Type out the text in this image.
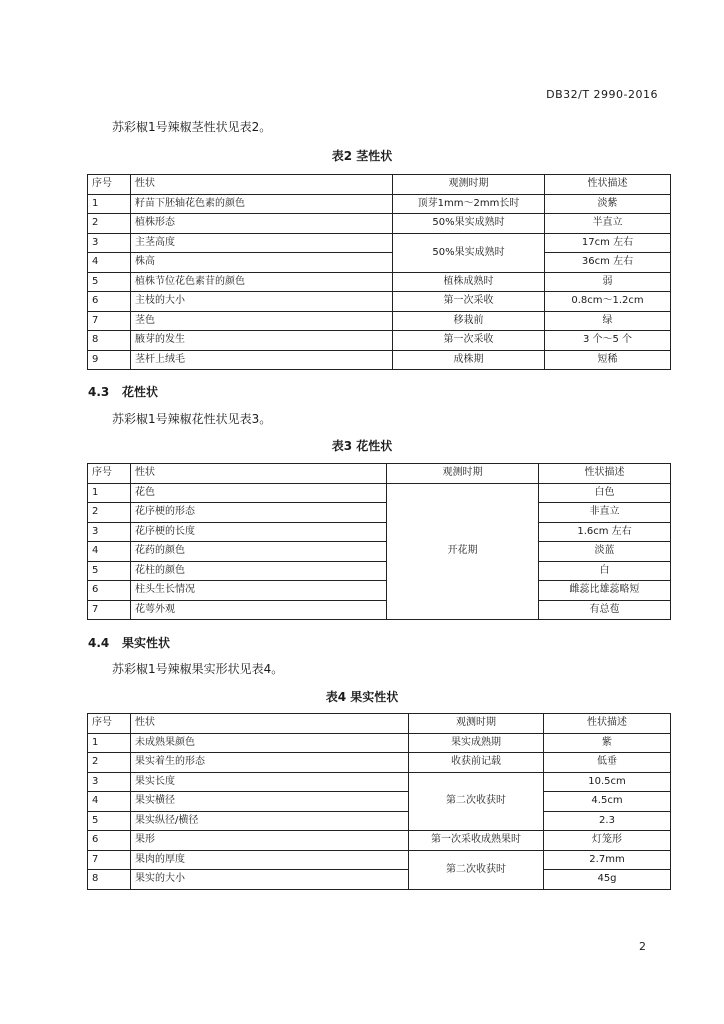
DB32/T 2990-2016
苏彩椒1号辣椒茎性状见表2。
表2 茎性状
序号	性状	观测时期	性状描述
1	籽苗下胚轴花色素的颜色	顶芽1mm～2mm长时	淡紫
2	植株形态	50%果实成熟时	半直立
3	主茎高度	50%果实成熟时	17cm 左右
4	株高		36cm 左右
5	植株节位花色素苷的颜色	植株成熟时	弱
6	主枝的大小	第一次采收	0.8cm～1.2cm
7	茎色	移栽前	绿
8	腋芽的发生	第一次采收	3 个～5 个
9	茎杆上绒毛	成株期	短稀
4.3 花性状
苏彩椒1号辣椒花性状见表3。
表3 花性状
序号	性状	观测时期	性状描述
1	花色	开花期	白色
2	花序梗的形态		非直立
3	花序梗的长度		1.6cm 左右
4	花药的颜色		淡蓝
5	花柱的颜色		白
6	柱头生长情况		雌蕊比雄蕊略短
7	花萼外观		有总苞
4.4 果实性状
苏彩椒1号辣椒果实形状见表4。
表4 果实性状
序号	性状	观测时期	性状描述
1	未成熟果颜色	果实成熟期	紫
2	果实着生的形态	收获前记载	低垂
3	果实长度	第二次收获时	10.5cm
4	果实横径		4.5cm
5	果实纵径/横径		2.3
6	果形	第一次采收成熟果时	灯笼形
7	果肉的厚度	第二次收获时	2.7mm
8	果实的大小		45g
2
